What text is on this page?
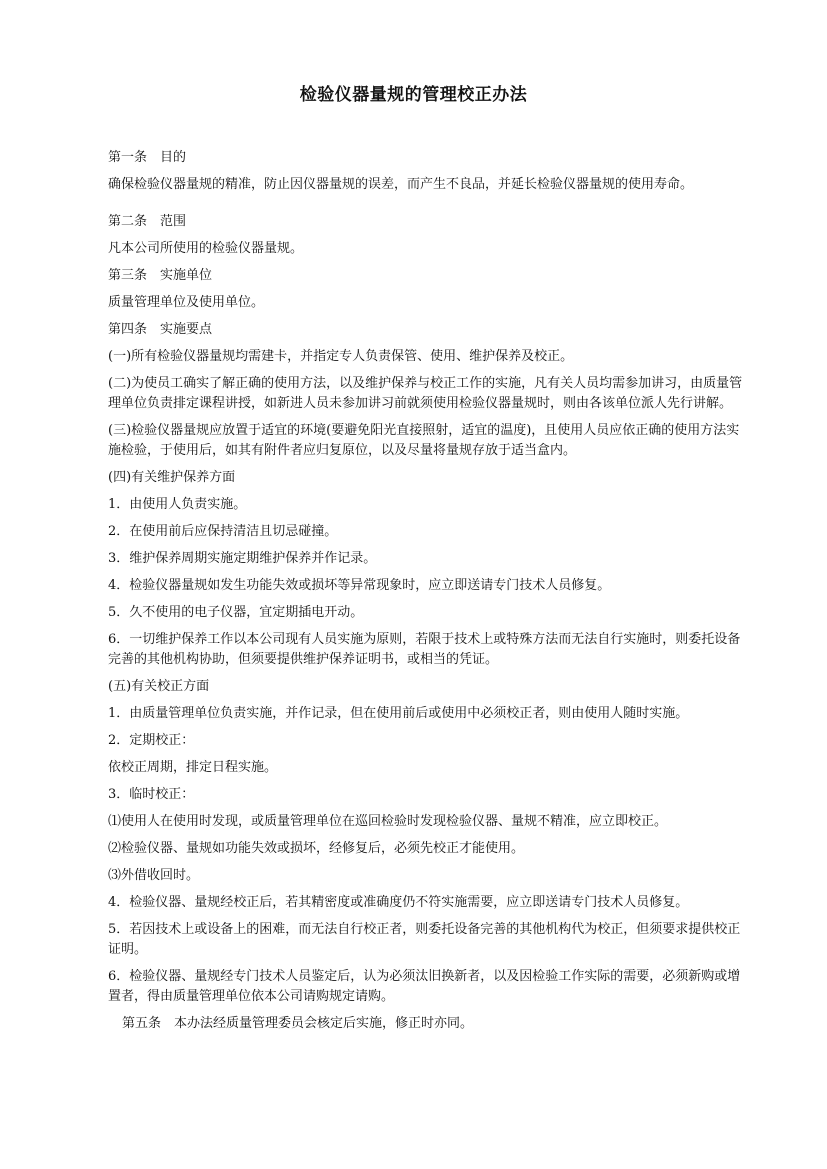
检验仪器量规的管理校正办法

第一条　目的

确保检验仪器量规的精准，防止因仪器量规的误差，而产生不良品，并延长检验仪器量规的使用寿命。

第二条　范围

凡本公司所使用的检验仪器量规。

第三条　实施单位

质量管理单位及使用单位。

第四条　实施要点

(一)所有检验仪器量规均需建卡，并指定专人负责保管、使用、维护保养及校正。

(二)为使员工确实了解正确的使用方法，以及维护保养与校正工作的实施，凡有关人员均需参加讲习，由质量管理单位负责排定课程讲授，如新进人员未参加讲习前就须使用检验仪器量规时，则由各该单位派人先行讲解。

(三)检验仪器量规应放置于适宜的环境(要避免阳光直接照射，适宜的温度)，且使用人员应依正确的使用方法实施检验，于使用后，如其有附件者应归复原位，以及尽量将量规存放于适当盒内。

(四)有关维护保养方面

1．由使用人负责实施。

2．在使用前后应保持清洁且切忌碰撞。

3．维护保养周期实施定期维护保养并作记录。

4．检验仪器量规如发生功能失效或损坏等异常现象时，应立即送请专门技术人员修复。

5．久不使用的电子仪器，宜定期插电开动。

6．一切维护保养工作以本公司现有人员实施为原则，若限于技术上或特殊方法而无法自行实施时，则委托设备完善的其他机构协助，但须要提供维护保养证明书，或相当的凭证。

(五)有关校正方面

1．由质量管理单位负责实施，并作记录，但在使用前后或使用中必须校正者，则由使用人随时实施。

2．定期校正：

依校正周期，排定日程实施。

3．临时校正：

⑴使用人在使用时发现，或质量管理单位在巡回检验时发现检验仪器、量规不精准，应立即校正。

⑵检验仪器、量规如功能失效或损坏，经修复后，必须先校正才能使用。

⑶外借收回时。

4．检验仪器、量规经校正后，若其精密度或准确度仍不符实施需要，应立即送请专门技术人员修复。

5．若因技术上或设备上的困难，而无法自行校正者，则委托设备完善的其他机构代为校正，但须要求提供校正证明。

6．检验仪器、量规经专门技术人员鉴定后，认为必须汰旧换新者，以及因检验工作实际的需要，必须新购或增置者，得由质量管理单位依本公司请购规定请购。

第五条　本办法经质量管理委员会核定后实施，修正时亦同。
